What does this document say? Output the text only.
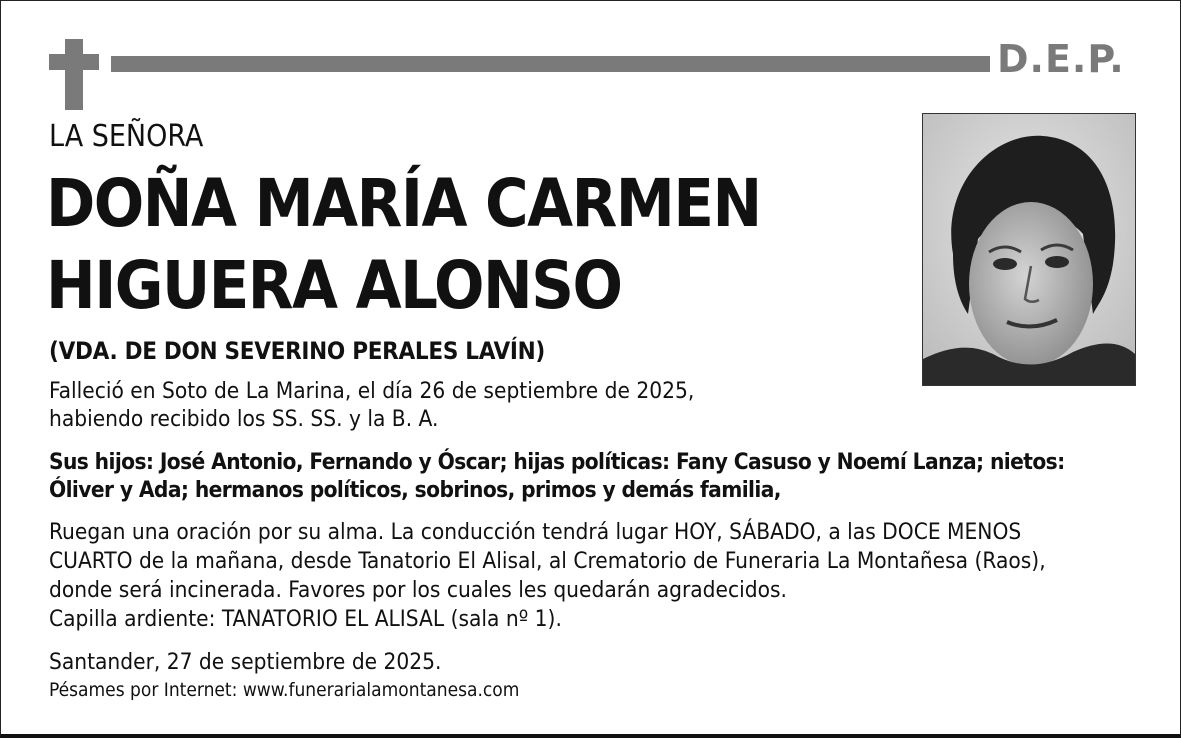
D.E.P.
LA SEÑORA
DOÑA MARÍA CARMEN
HIGUERA ALONSO
(VDA. DE DON SEVERINO PERALES LAVÍN)
Falleció en Soto de La Marina, el día 26 de septiembre de 2025,
habiendo recibido los SS. SS. y la B. A.
Sus hijos: José Antonio, Fernando y Óscar; hijas políticas: Fany Casuso y Noemí Lanza; nietos:
Óliver y Ada; hermanos políticos, sobrinos, primos y demás familia,
Ruegan una oración por su alma. La conducción tendrá lugar HOY, SÁBADO, a las DOCE MENOS
CUARTO de la mañana, desde Tanatorio El Alisal, al Crematorio de Funeraria La Montañesa (Raos),
donde será incinerada. Favores por los cuales les quedarán agradecidos.
Capilla ardiente: TANATORIO EL ALISAL (sala nº 1).
Santander, 27 de septiembre de 2025.
Pésames por Internet: www.funerarialamontanesa.com
